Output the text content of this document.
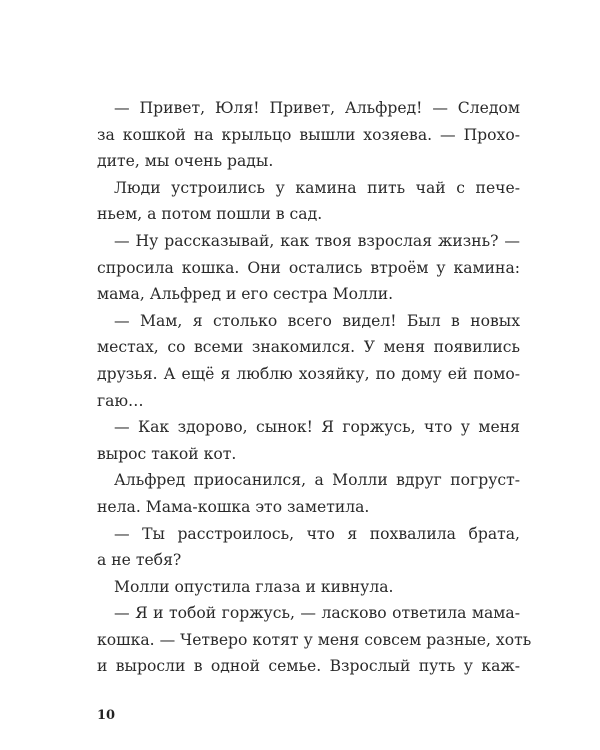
— Привет, Юля! Привет, Альфред! — Следом
за кошкой на крыльцо вышли хозяева. — Прохо-
дите, мы очень рады.
Люди устроились у камина пить чай с пече-
ньем, а потом пошли в сад.
— Ну рассказывай, как твоя взрослая жизнь? —
спросила кошка. Они остались втроём у камина:
мама, Альфред и его сестра Молли.
— Мам, я столько всего видел! Был в новых
местах, со всеми знакомился. У меня появились
друзья. А ещё я люблю хозяйку, по дому ей помо-
гаю…
— Как здорово, сынок! Я горжусь, что у меня
вырос такой кот.
Альфред приосанился, а Молли вдруг погруст-
нела. Мама-кошка это заметила.
— Ты расстроилось, что я похвалила брата,
а не тебя?
Молли опустила глаза и кивнула.
— Я и тобой горжусь, — ласково ответила мама-
кошка. — Четверо котят у меня совсем разные, хоть
и выросли в одной семье. Взрослый путь у каж-
10
